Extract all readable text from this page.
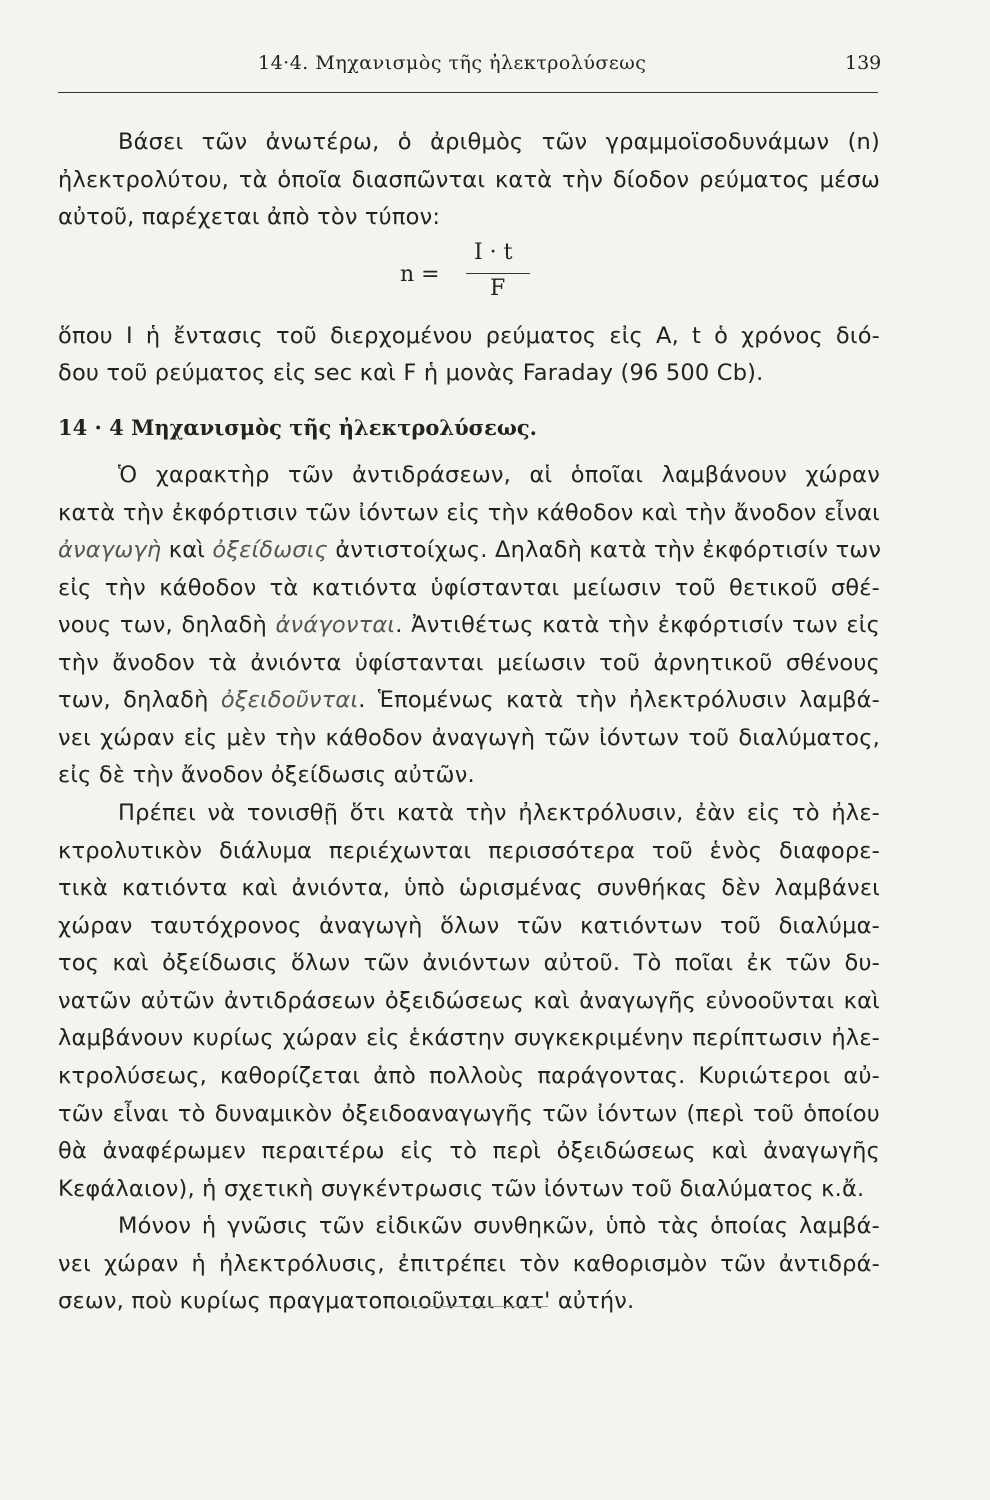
14·4. Μηχανισμὸς τῆς ἠλεκτρολύσεως	139
Βάσει τῶν ἀνωτέρω, ὁ ἀριθμὸς τῶν γραμμοϊσοδυνάμων (n)
ἠλεκτρολύτου, τὰ ὁποῖα διασπῶνται κατὰ τὴν δίοδον ρεύματος μέσω
αὐτοῦ, παρέχεται ἀπὸ τὸν τύπον:
n =
I · t
F
ὅπου I ἡ ἔντασις τοῦ διερχομένου ρεύματος εἰς A, t ὁ χρόνος διό-
δου τοῦ ρεύματος εἰς sec καὶ F ἡ μονὰς Faraday (96 500 Cb).
14 · 4 Μηχανισμὸς τῆς ἠλεκτρολύσεως.
Ὁ χαρακτὴρ τῶν ἀντιδράσεων, αἱ ὁποῖαι λαμβάνουν χώραν
κατὰ τὴν ἐκφόρτισιν τῶν ἰόντων εἰς τὴν κάθοδον καὶ τὴν ἄνοδον εἶναι
ἀναγωγὴ καὶ ὀξείδωσις ἀντιστοίχως. Δηλαδὴ κατὰ τὴν ἐκφόρτισίν των
εἰς τὴν κάθοδον τὰ κατιόντα ὑφίστανται μείωσιν τοῦ θετικοῦ σθέ-
νους των, δηλαδὴ ἀνάγονται. Ἀντιθέτως κατὰ τὴν ἐκφόρτισίν των εἰς
τὴν ἄνοδον τὰ ἀνιόντα ὑφίστανται μείωσιν τοῦ ἀρνητικοῦ σθένους
των, δηλαδὴ ὀξειδοῦνται. Ἑπομένως κατὰ τὴν ἠλεκτρόλυσιν λαμβά-
νει χώραν εἰς μὲν τὴν κάθοδον ἀναγωγὴ τῶν ἰόντων τοῦ διαλύματος,
εἰς δὲ τὴν ἄνοδον ὀξείδωσις αὐτῶν.
Πρέπει νὰ τονισθῇ ὅτι κατὰ τὴν ἠλεκτρόλυσιν, ἐὰν εἰς τὸ ἠλε-
κτρολυτικὸν διάλυμα περιέχωνται περισσότερα τοῦ ἑνὸς διαφορε-
τικὰ κατιόντα καὶ ἀνιόντα, ὑπὸ ὡρισμένας συνθήκας δὲν λαμβάνει
χώραν ταυτόχρονος ἀναγωγὴ ὅλων τῶν κατιόντων τοῦ διαλύμα-
τος καὶ ὀξείδωσις ὅλων τῶν ἀνιόντων αὐτοῦ. Τὸ ποῖαι ἐκ τῶν δυ-
νατῶν αὐτῶν ἀντιδράσεων ὀξειδώσεως καὶ ἀναγωγῆς εὐνοοῦνται καὶ
λαμβάνουν κυρίως χώραν εἰς ἑκάστην συγκεκριμένην περίπτωσιν ἠλε-
κτρολύσεως, καθορίζεται ἀπὸ πολλοὺς παράγοντας. Κυριώτεροι αὐ-
τῶν εἶναι τὸ δυναμικὸν ὀξειδοαναγωγῆς τῶν ἰόντων (περὶ τοῦ ὁποίου
θὰ ἀναφέρωμεν περαιτέρω εἰς τὸ περὶ ὀξειδώσεως καὶ ἀναγωγῆς
Κεφάλαιον), ἡ σχετικὴ συγκέντρωσις τῶν ἰόντων τοῦ διαλύματος κ.ἄ.
Μόνον ἡ γνῶσις τῶν εἰδικῶν συνθηκῶν, ὑπὸ τὰς ὁποίας λαμβά-
νει χώραν ἡ ἠλεκτρόλυσις, ἐπιτρέπει τὸν καθορισμὸν τῶν ἀντιδρά-
σεων, ποὺ κυρίως πραγματοποιοῦνται κατ' αὐτήν.
